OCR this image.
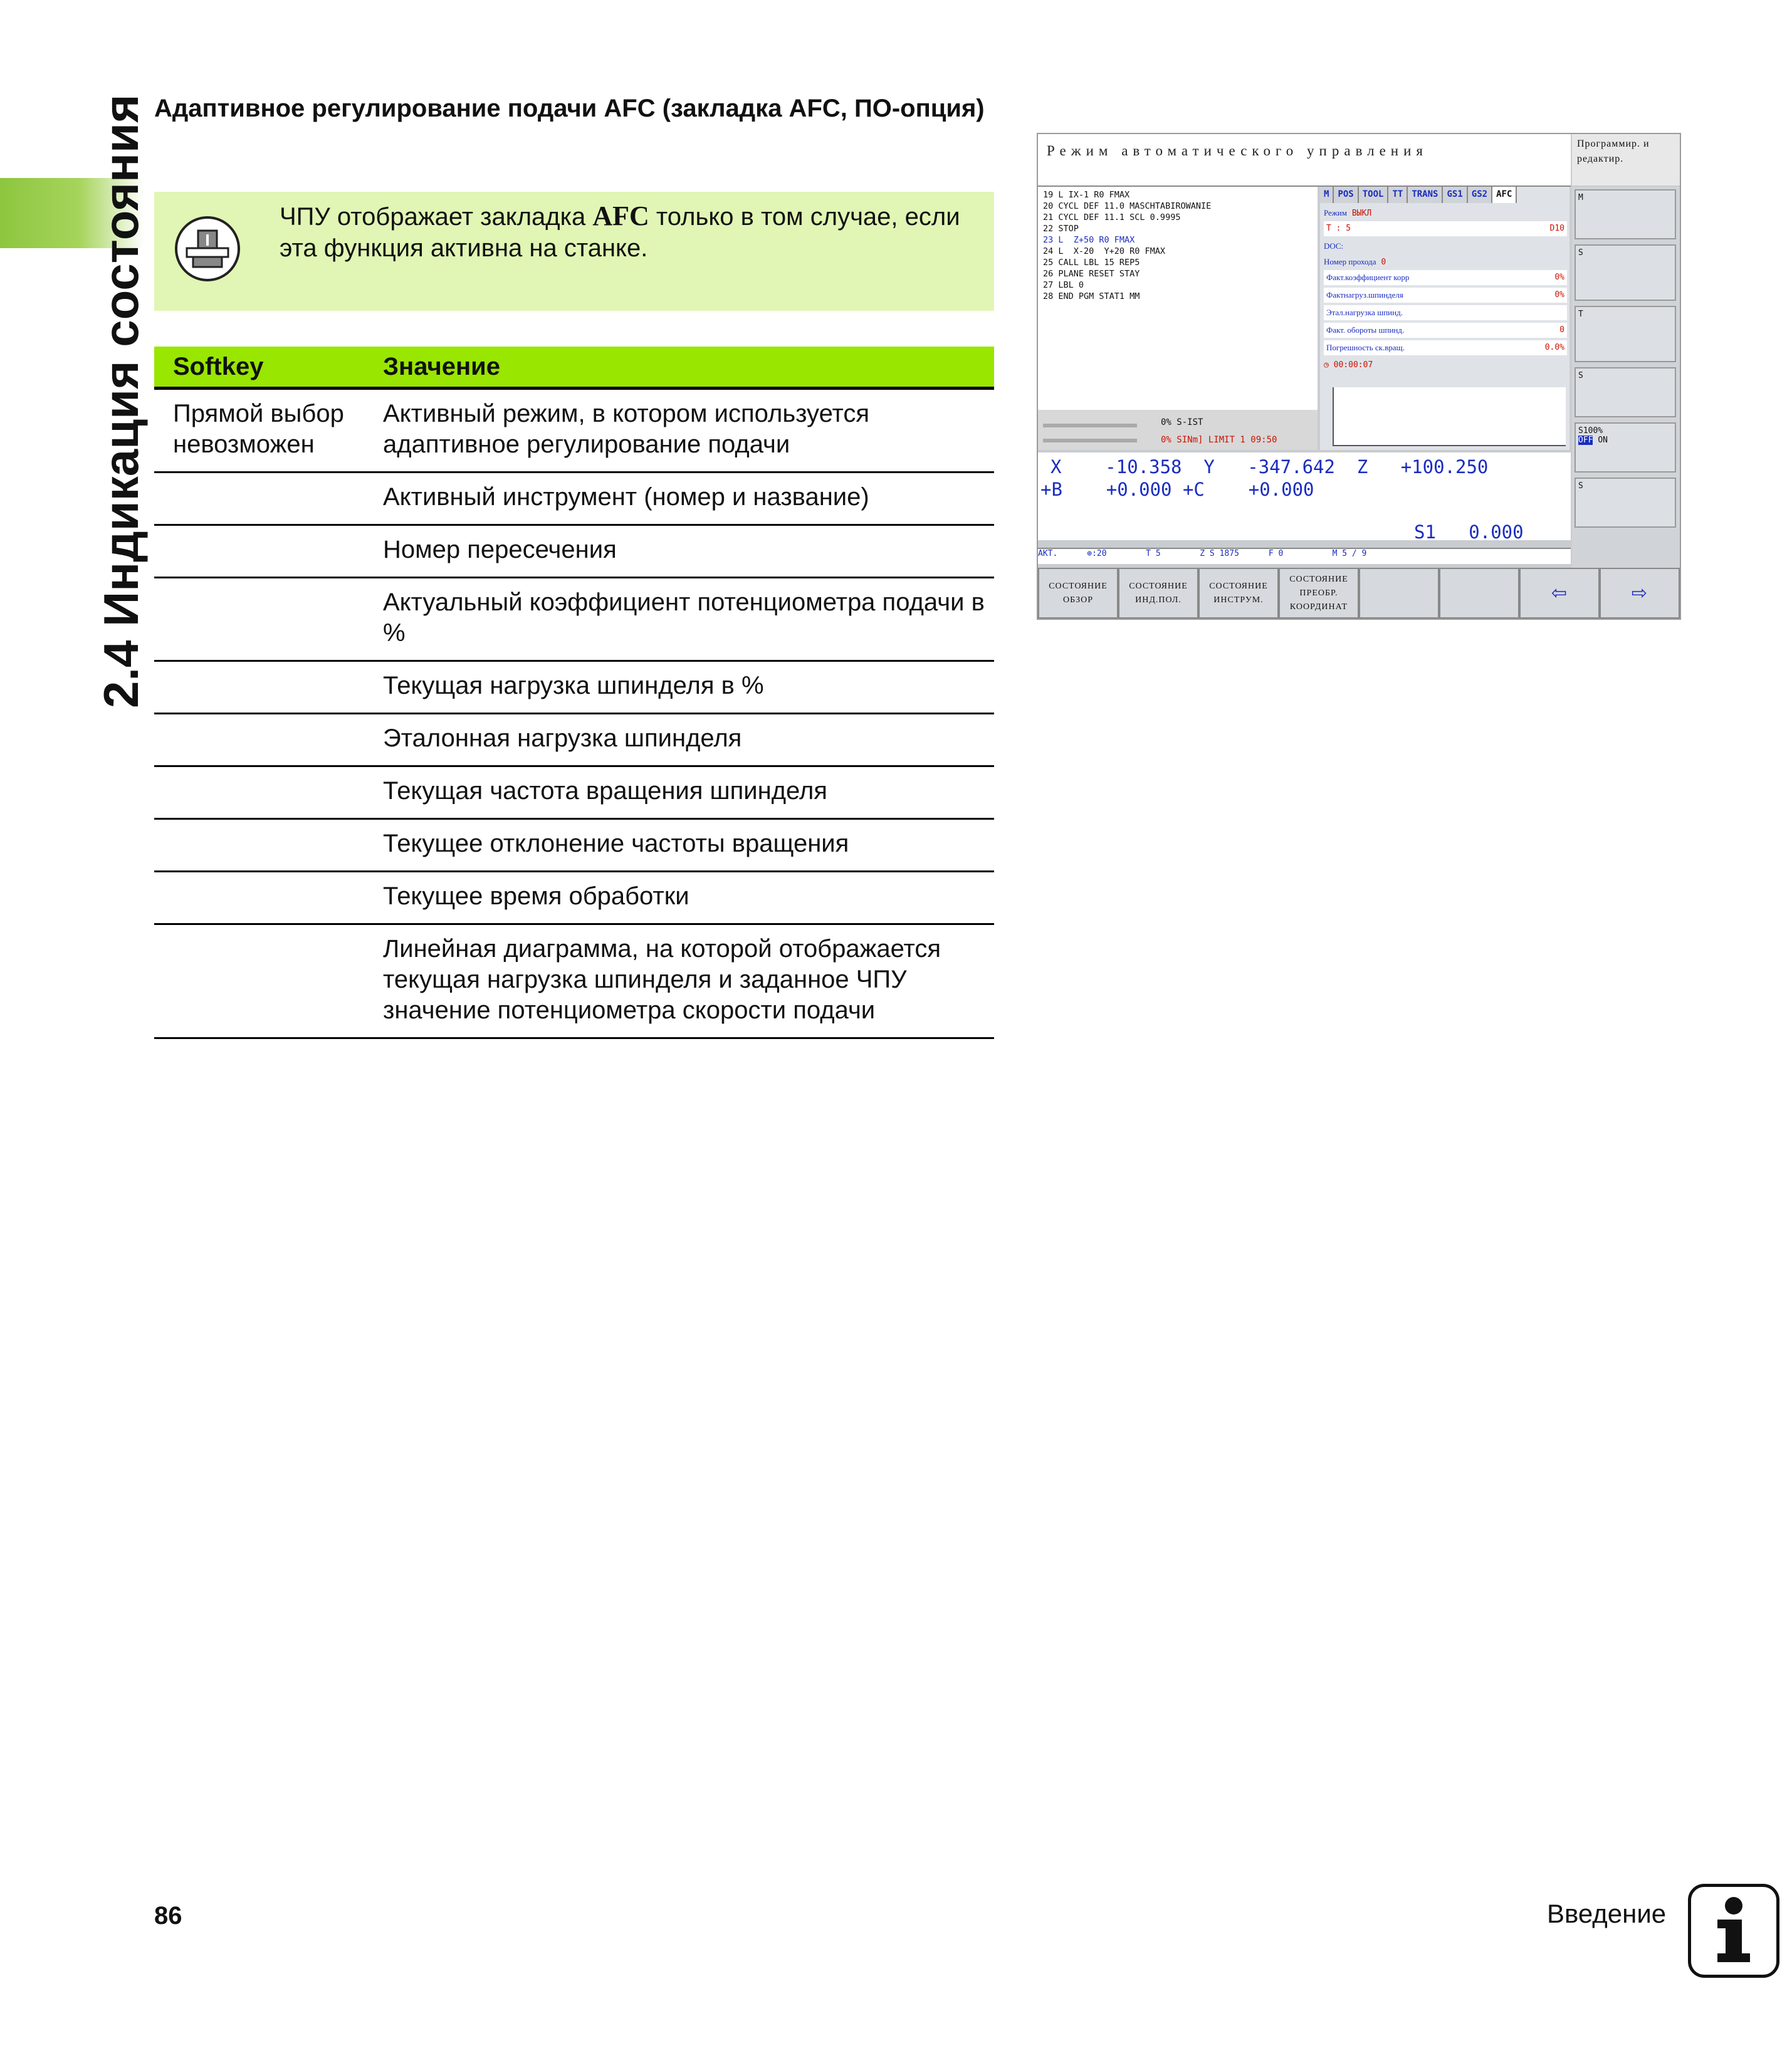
2.4 Индикация состояния Адаптивное регулирование подачи AFC (закладка AFC, ПО-опция)
ЧПУ отображает закладка AFC только в том случае, если эта функция активна на станке.
Softkey	Значение
Прямой выбор невозможен	Активный режим, в котором используется адаптивное регулирование подачи
	Активный инструмент (номер и название)
	Номер пересечения
	Актуальный коэффициент потенциометра подачи в %
	Текущая нагрузка шпинделя в %
	Эталонная нагрузка шпинделя
	Текущая частота вращения шпинделя
	Текущее отклонение частоты вращения
	Текущее время обработки
	Линейная диаграмма, на которой отображается текущая нагрузка шпинделя и заданное ЧПУ значение потенциометра скорости подачи
Режим автоматического управления	Программир. и редактир.
19 L IX-1 R0 FMAX
20 CYCL DEF 11.0 MASCHTABIROWANIE
21 CYCL DEF 11.1 SCL 0.9995
22 STOP
23 L  Z+50 R0 FMAX
24 L  X-20  Y+20 R0 FMAX
25 CALL LBL 15 REP5
26 PLANE RESET STAY
27 LBL 0
28 END PGM STAT1 MM
0% S-IST
0% SINm] LIMIT 1 09:50
M	POS	TOOL	TT	TRANS	GS1	GS2	AFC
Режим ВЫКЛ
T : 5	D10
DOC:
Номер прохода 0
Факт.коэффициент корр	0%
Фактнагруз.шпинделя	0%
Этал.нагрузка шпинд.
Факт. обороты шпинд.	0
Погрешность ск.вращ.	0.0%
◷ 00:00:07
M
S
T
S
S100%
OFF ON
S
X    -10.358  Y   -347.642  Z   +100.250
+B    +0.000 +C    +0.000
S1   0.000
АКТ.      ⊕:20        T 5        Z S 1875      F 0          M 5 / 9
СОСТОЯНИЕ ОБЗОР
СОСТОЯНИЕ ИНД.ПОЛ.
СОСТОЯНИЕ ИНСТРУМ.
СОСТОЯНИЕ ПРЕОБР. КООРДИНАТ
⇦	⇨
86	Введение
